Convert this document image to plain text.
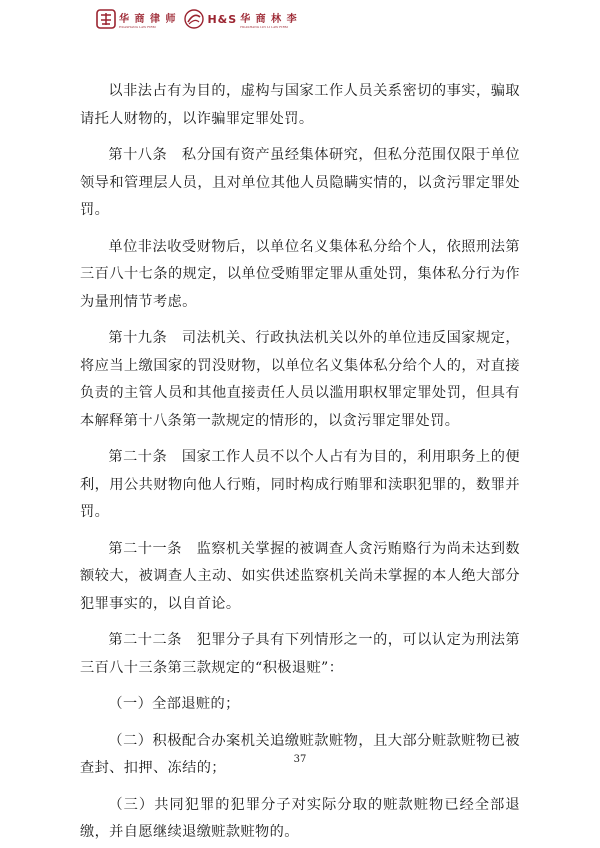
华 商 律 师
HUASHANG LAW FIRM
H&S 华 商 林 李
HUASHANG LIN LI LAW FIRM

以非法占有为目的，虚构与国家工作人员关系密切的事实，骗取请托人财物的，以诈骗罪定罪处罚。

第十八条　私分国有资产虽经集体研究，但私分范围仅限于单位领导和管理层人员，且对单位其他人员隐瞒实情的，以贪污罪定罪处罚。

单位非法收受财物后，以单位名义集体私分给个人，依照刑法第三百八十七条的规定，以单位受贿罪定罪从重处罚，集体私分行为作为量刑情节考虑。

第十九条　司法机关、行政执法机关以外的单位违反国家规定，将应当上缴国家的罚没财物，以单位名义集体私分给个人的，对直接负责的主管人员和其他直接责任人员以滥用职权罪定罪处罚，但具有本解释第十八条第一款规定的情形的，以贪污罪定罪处罚。

第二十条　国家工作人员不以个人占有为目的，利用职务上的便利，用公共财物向他人行贿，同时构成行贿罪和渎职犯罪的，数罪并罚。

第二十一条　监察机关掌握的被调查人贪污贿赂行为尚未达到数额较大，被调查人主动、如实供述监察机关尚未掌握的本人绝大部分犯罪事实的，以自首论。

第二十二条　犯罪分子具有下列情形之一的，可以认定为刑法第三百八十三条第三款规定的“积极退赃”：

（一）全部退赃的；

（二）积极配合办案机关追缴赃款赃物，且大部分赃款赃物已被查封、扣押、冻结的；

（三）共同犯罪的犯罪分子对实际分取的赃款赃物已经全部退缴，并自愿继续退缴赃款赃物的。

37
